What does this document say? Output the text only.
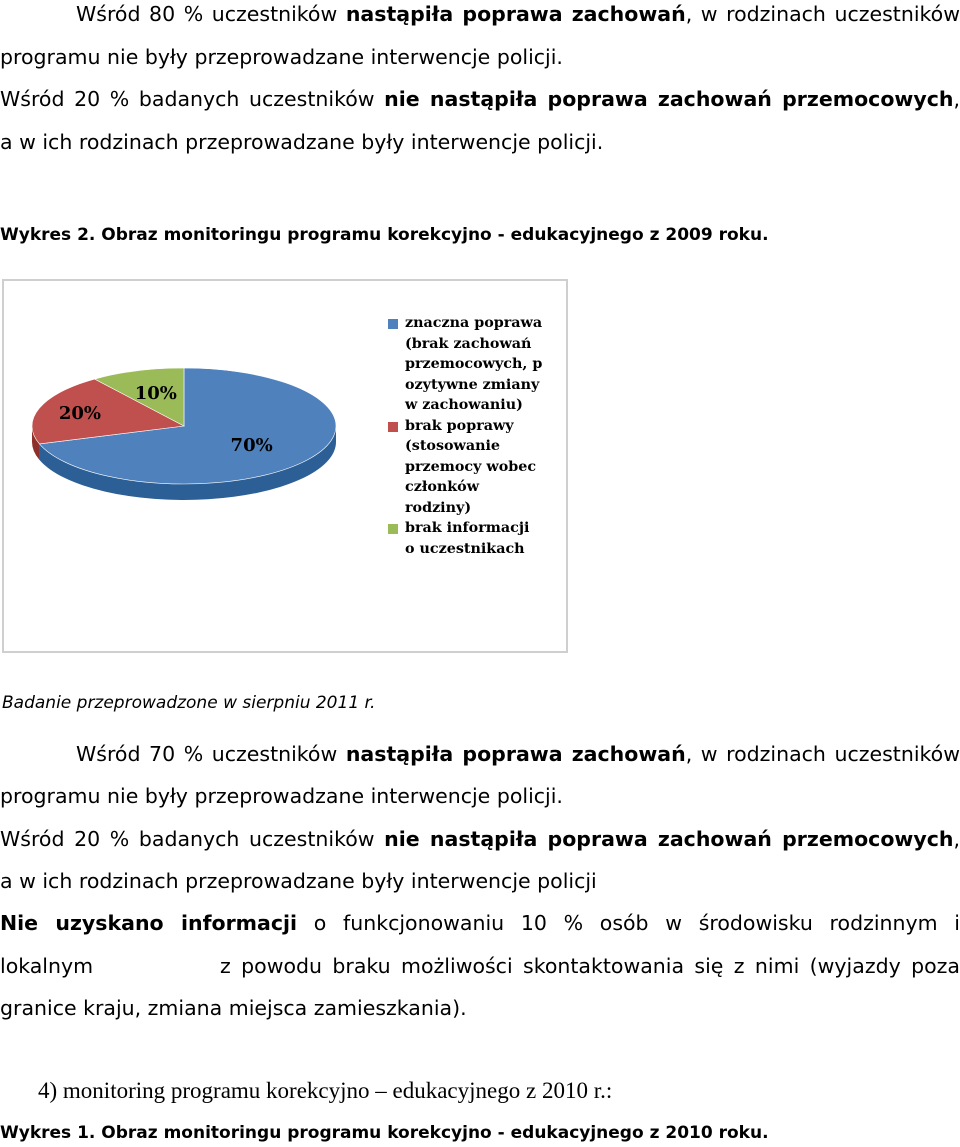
Wśród 80 % uczestników nastąpiła poprawa zachowań, w rodzinach uczestników
programu nie były przeprowadzane interwencje policji.
Wśród 20 % badanych uczestników nie nastąpiła poprawa zachowań przemocowych,
a w ich rodzinach przeprowadzane były interwencje policji.
Wykres 2. Obraz monitoringu programu korekcyjno - edukacyjnego z 2009 roku.
70%
20%
10%
znaczna poprawa
(brak zachowań
przemocowych, p
ozytywne zmiany
w zachowaniu)
brak poprawy
(stosowanie
przemocy wobec
członków
rodziny)
brak informacji
o uczestnikach
Badanie przeprowadzone w sierpniu 2011 r.
Wśród 70 % uczestników nastąpiła poprawa zachowań, w rodzinach uczestników
programu nie były przeprowadzane interwencje policji.
Wśród 20 % badanych uczestników nie nastąpiła poprawa zachowań przemocowych,
a w ich rodzinach przeprowadzane były interwencje policji
Nie uzyskano informacji o funkcjonowaniu 10 % osób w środowisku rodzinnym i
lokalnym	z powodu braku możliwości skontaktowania się z nimi (wyjazdy poza
granice kraju, zmiana miejsca zamieszkania).
4) monitoring programu korekcyjno – edukacyjnego z 2010 r.:
Wykres 1. Obraz monitoringu programu korekcyjno - edukacyjnego z 2010 roku.
